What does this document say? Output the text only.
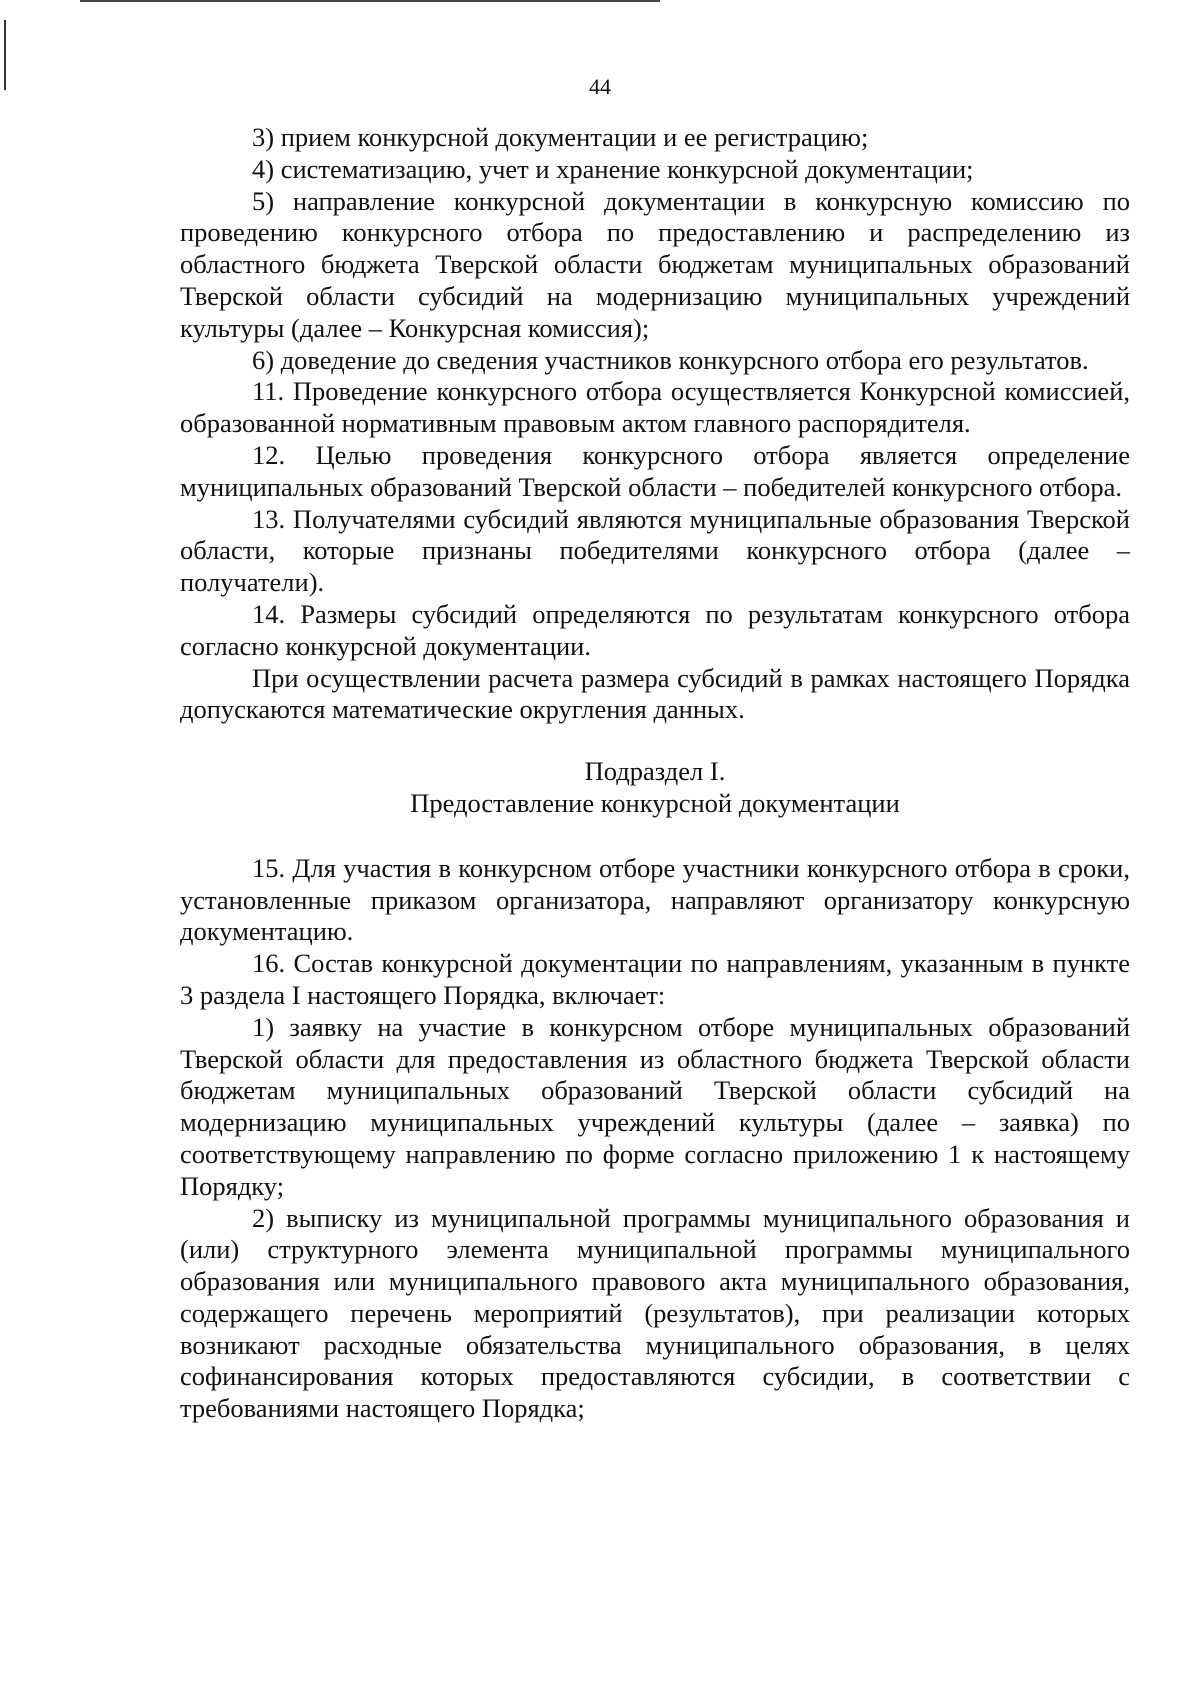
44

3) прием конкурсной документации и ее регистрацию;

4) систематизацию, учет и хранение конкурсной документации;

5) направление конкурсной документации в конкурсную комиссию по проведению конкурсного отбора по предоставлению и распределению из областного бюджета Тверской области бюджетам муниципальных образований Тверской области субсидий на модернизацию муниципальных учреждений культуры (далее – Конкурсная комиссия);

6) доведение до сведения участников конкурсного отбора его результатов.

11. Проведение конкурсного отбора осуществляется Конкурсной комиссией, образованной нормативным правовым актом главного распорядителя.

12. Целью проведения конкурсного отбора является определение муниципальных образований Тверской области – победителей конкурсного отбора.

13. Получателями субсидий являются муниципальные образования Тверской области, которые признаны победителями конкурсного отбора (далее – получатели).

14. Размеры субсидий определяются по результатам конкурсного отбора согласно конкурсной документации.

При осуществлении расчета размера субсидий в рамках настоящего Порядка допускаются математические округления данных.

Подраздел I.

Предоставление конкурсной документации

15. Для участия в конкурсном отборе участники конкурсного отбора в сроки, установленные приказом организатора, направляют организатору конкурсную документацию.

16. Состав конкурсной документации по направлениям, указанным в пункте 3 раздела I настоящего Порядка, включает:

1) заявку на участие в конкурсном отборе муниципальных образований Тверской области для предоставления из областного бюджета Тверской области бюджетам муниципальных образований Тверской области субсидий на модернизацию муниципальных учреждений культуры (далее – заявка) по соответствующему направлению по форме согласно приложению 1 к настоящему Порядку;

2) выписку из муниципальной программы муниципального образования и (или) структурного элемента муниципальной программы муниципального образования или муниципального правового акта муниципального образования, содержащего перечень мероприятий (результатов), при реализации которых возникают расходные обязательства муниципального образования, в целях софинансирования которых предоставляются субсидии, в соответствии с требованиями настоящего Порядка;
